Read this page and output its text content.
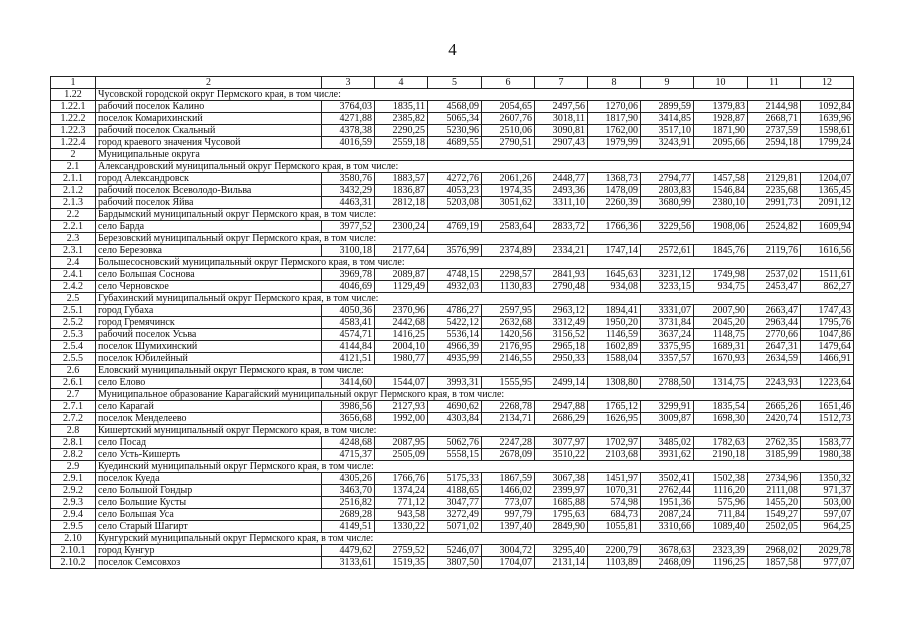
4
1	2	3	4	5	6	7	8	9	10	11	12
1.22	Чусовской городской округ Пермского края, в том числе:										
1.22.1	рабочий поселок Калино	3764,03	1835,11	4568,09	2054,65	2497,56	1270,06	2899,59	1379,83	2144,98	1092,84
1.22.2	поселок Комарихинский	4271,88	2385,82	5065,34	2607,76	3018,11	1817,90	3414,85	1928,87	2668,71	1639,96
1.22.3	рабочий поселок Скальный	4378,38	2290,25	5230,96	2510,06	3090,81	1762,00	3517,10	1871,90	2737,59	1598,61
1.22.4	город краевого значения Чусовой	4016,59	2559,18	4689,55	2790,51	2907,43	1979,99	3243,91	2095,66	2594,18	1799,24
2	Муниципальные округа										
2.1	Александровский муниципальный округ Пермского края, в том числе:										
2.1.1	город Александровск	3580,76	1883,57	4272,76	2061,26	2448,77	1368,73	2794,77	1457,58	2129,81	1204,07
2.1.2	рабочий поселок Всеволодо-Вильва	3432,29	1836,87	4053,23	1974,35	2493,36	1478,09	2803,83	1546,84	2235,68	1365,45
2.1.3	рабочий поселок Яйва	4463,31	2812,18	5203,08	3051,62	3311,10	2260,39	3680,99	2380,10	2991,73	2091,12
2.2	Бардымский муниципальный округ Пермского края, в том числе:										
2.2.1	село Барда	3977,52	2300,24	4769,19	2583,64	2833,72	1766,36	3229,56	1908,06	2524,82	1609,94
2.3	Березовский муниципальный округ Пермского края, в том числе:										
2.3.1	село Березовка	3100,18	2177,64	3576,99	2374,89	2334,21	1747,14	2572,61	1845,76	2119,76	1616,56
2.4	Большесосновский муниципальный округ Пермского края, в том числе:										
2.4.1	село Большая Соснова	3969,78	2089,87	4748,15	2298,57	2841,93	1645,63	3231,12	1749,98	2537,02	1511,61
2.4.2	село Черновское	4046,69	1129,49	4932,03	1130,83	2790,48	934,08	3233,15	934,75	2453,47	862,27
2.5	Губахинский муниципальный округ Пермского края, в том числе:										
2.5.1	город Губаха	4050,36	2370,96	4786,27	2597,95	2963,12	1894,41	3331,07	2007,90	2663,47	1747,43
2.5.2	город Гремячинск	4583,41	2442,68	5422,12	2632,68	3312,49	1950,20	3731,84	2045,20	2963,44	1795,76
2.5.3	рабочий поселок Усьва	4574,71	1416,25	5536,14	1420,56	3156,52	1146,59	3637,24	1148,75	2770,66	1047,86
2.5.4	поселок Шумихинский	4144,84	2004,10	4966,39	2176,95	2965,18	1602,89	3375,95	1689,31	2647,31	1479,64
2.5.5	поселок Юбилейный	4121,51	1980,77	4935,99	2146,55	2950,33	1588,04	3357,57	1670,93	2634,59	1466,91
2.6	Еловский муниципальный округ Пермского края, в том числе:										
2.6.1	село Елово	3414,60	1544,07	3993,31	1555,95	2499,14	1308,80	2788,50	1314,75	2243,93	1223,64
2.7	Муниципальное образование Карагайский муниципальный округ Пермского края, в том числе:										
2.7.1	село Карагай	3986,56	2127,93	4690,62	2268,78	2947,88	1765,12	3299,91	1835,54	2665,26	1651,46
2.7.2	поселок Менделеево	3656,68	1992,00	4303,84	2134,71	2686,29	1626,95	3009,87	1698,30	2420,74	1512,73
2.8	Кишертский муниципальный округ Пермского края, в том числе:										
2.8.1	село Посад	4248,68	2087,95	5062,76	2247,28	3077,97	1702,97	3485,02	1782,63	2762,35	1583,77
2.8.2	село Усть-Кишерть	4715,37	2505,09	5558,15	2678,09	3510,22	2103,68	3931,62	2190,18	3185,99	1980,38
2.9	Куединский муниципальный округ Пермского края, в том числе:										
2.9.1	поселок Куеда	4305,26	1766,76	5175,33	1867,59	3067,38	1451,97	3502,41	1502,38	2734,96	1350,32
2.9.2	село Большой Гондыр	3463,70	1374,24	4188,65	1466,02	2399,97	1070,31	2762,44	1116,20	2111,08	971,37
2.9.3	село Большие Кусты	2516,82	771,12	3047,77	773,07	1685,88	574,98	1951,36	575,96	1455,20	503,00
2.9.4	село Большая Уса	2689,28	943,58	3272,49	997,79	1795,63	684,73	2087,24	711,84	1549,27	597,07
2.9.5	село Старый Шагирт	4149,51	1330,22	5071,02	1397,40	2849,90	1055,81	3310,66	1089,40	2502,05	964,25
2.10	Кунгурский муниципальный округ Пермского края, в том числе:										
2.10.1	город Кунгур	4479,62	2759,52	5246,07	3004,72	3295,40	2200,79	3678,63	2323,39	2968,02	2029,78
2.10.2	поселок Семсовхоз	3133,61	1519,35	3807,50	1704,07	2131,14	1103,89	2468,09	1196,25	1857,58	977,07
